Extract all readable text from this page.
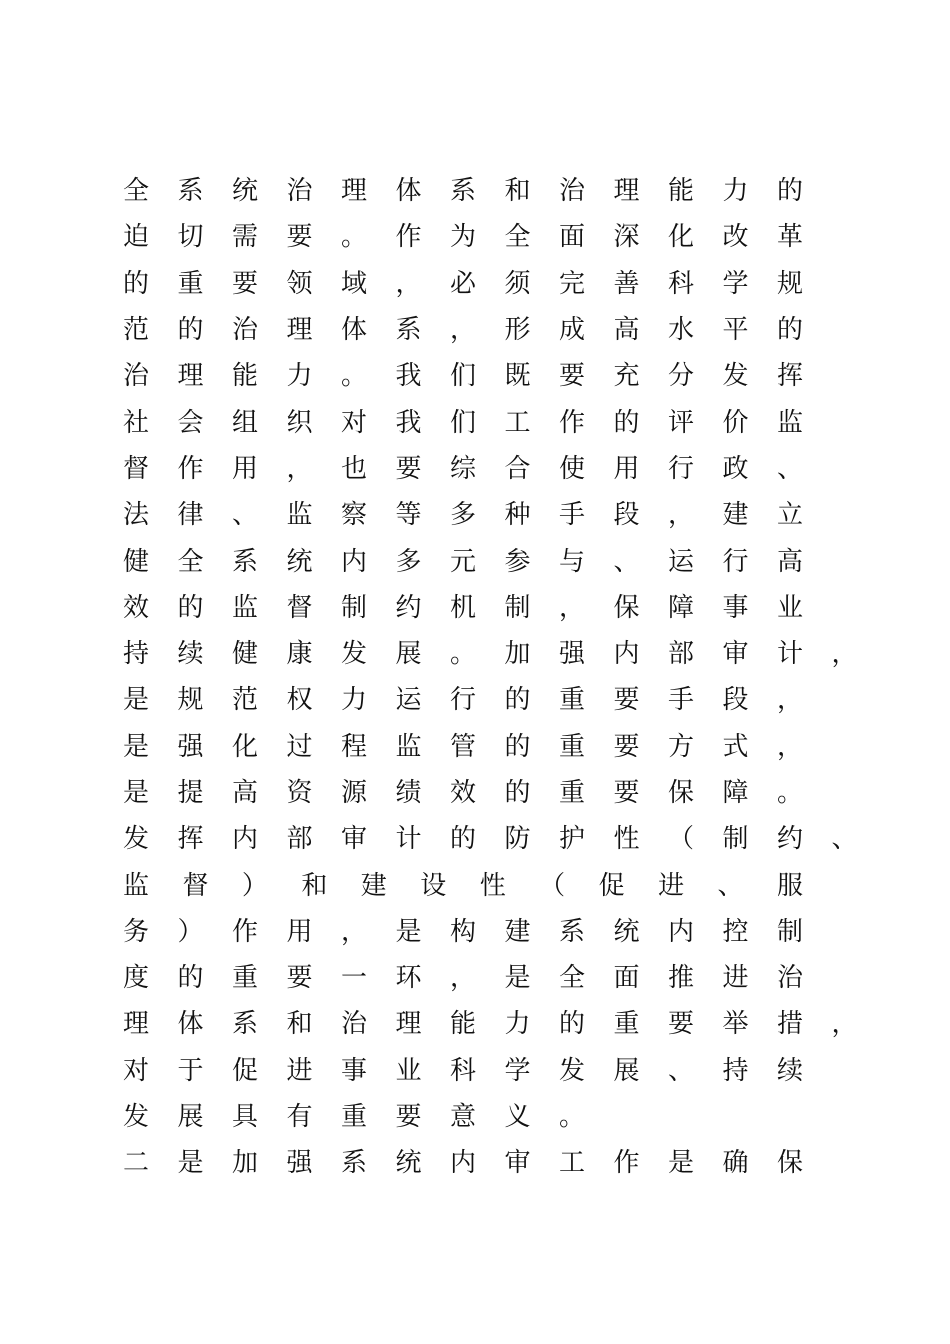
全 系 统 治 理 体 系 和 治 理 能 力 的
迫 切 需 要 。 作 为 全 面 深 化 改 革
的 重 要 领 域 ， 必 须 完 善 科 学 规
范 的 治 理 体 系 ， 形 成 高 水 平 的
治 理 能 力 。 我 们 既 要 充 分 发 挥
社 会 组 织 对 我 们 工 作 的 评 价 监
督 作 用 ， 也 要 综 合 使 用 行 政 、
法 律 、 监 察 等 多 种 手 段 ， 建 立
健 全 系 统 内 多 元 参 与 、 运 行 高
效 的 监 督 制 约 机 制 ， 保 障 事 业
持 续 健 康 发 展 。 加 强 内 部 审 计 ，
是 规 范 权 力 运 行 的 重 要 手 段 ，
是 强 化 过 程 监 管 的 重 要 方 式 ，
是 提 高 资 源 绩 效 的 重 要 保 障 。
发 挥 内 部 审 计 的 防 护 性 （ 制 约 、
监 督 ） 和 建 设 性 （ 促 进 、 服
务 ） 作 用 ， 是 构 建 系 统 内 控 制
度 的 重 要 一 环 ， 是 全 面 推 进 治
理 体 系 和 治 理 能 力 的 重 要 举 措 ，
对 于 促 进 事 业 科 学 发 展 、 持 续
发 展 具 有 重 要 意 义 。
二 是 加 强 系 统 内 审 工 作 是 确 保
